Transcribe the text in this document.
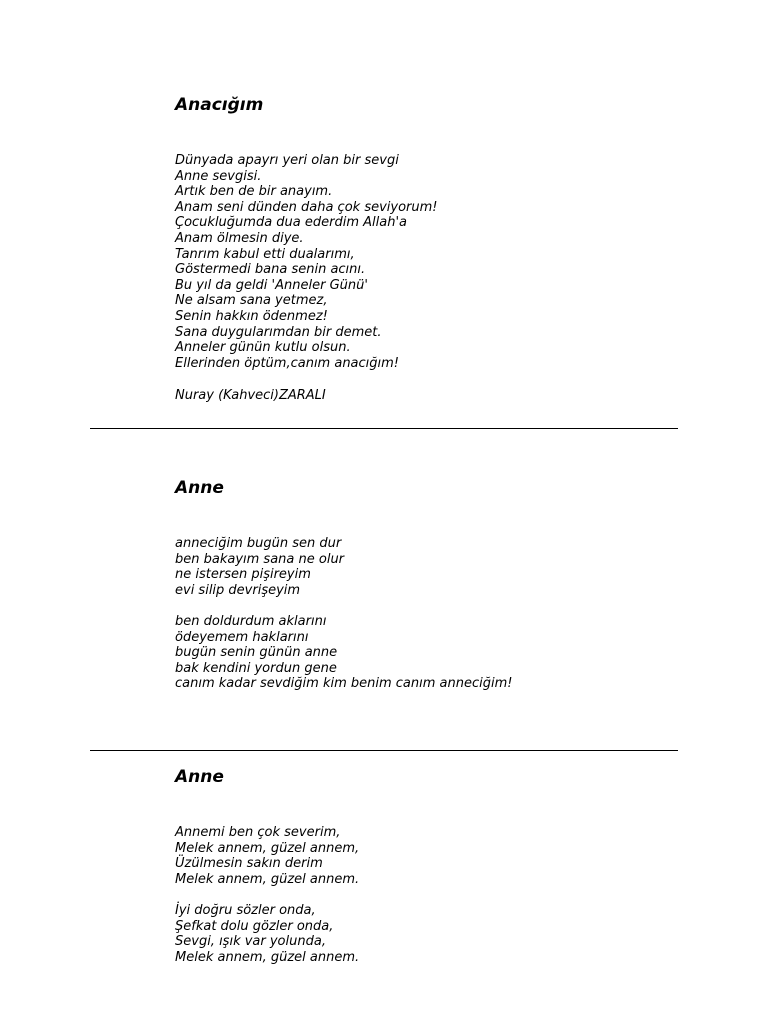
Anacığım
Dünyada apayrı yeri olan bir sevgi
Anne sevgisi.
Artık ben de bir anayım.
Anam seni dünden daha çok seviyorum!
Çocukluğumda dua ederdim Allah'a
Anam ölmesin diye.
Tanrım kabul etti dualarımı,
Göstermedi bana senin acını.
Bu yıl da geldi 'Anneler Günü'
Ne alsam sana yetmez,
Senin hakkın ödenmez!
Sana duygularımdan bir demet.
Anneler günün kutlu olsun.
Ellerinden öptüm,canım anacığım!
Nuray (Kahveci)ZARALI
Anne
anneciğim bugün sen dur
ben bakayım sana ne olur
ne istersen pişireyim
evi silip devrişeyim
ben doldurdum aklarını
ödeyemem haklarını
bugün senin günün anne
bak kendini yordun gene
canım kadar sevdiğim kim benim canım anneciğim!
Anne
Annemi ben çok severim,
Melek annem, güzel annem,
Üzülmesin sakın derim
Melek annem, güzel annem.
İyi doğru sözler onda,
Şefkat dolu gözler onda,
Sevgi, ışık var yolunda,
Melek annem, güzel annem.
